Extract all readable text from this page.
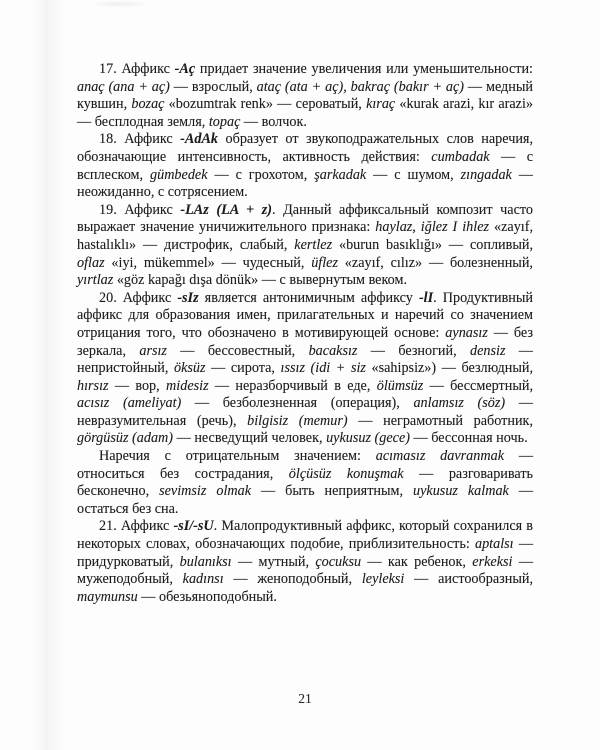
17. Аффикс -Aç придает значение увеличения или уменьшительности: anaç (ana + aç) — взрослый, ataç (ata + aç), bakraç (bakır + aç) — медный кувшин, bozaç «bozumtrak renk» — сероватый, kıraç «kurak arazi, kır arazi» — бесплодная земля, topaç — волчок.

18. Аффикс -AdAk образует от звукоподражательных слов наречия, обозначающие интенсивность, активность действия: cumbadak — с всплеском, gümbedek — с грохотом, şarkadak — с шумом, zıngadak — неожиданно, с сотрясением.

19. Аффикс -LAz (LA + z). Данный аффиксальный композит часто выражает значение уничижительного признака: haylaz, iğlez I ihlez «zayıf, hastalıklı» — дистрофик, слабый, kertlez «burun basıklığı» — сопливый, oflaz «iyi, mükemmel» — чудесный, üflez «zayıf, cılız» — болезненный, yırtlaz «göz kapağı dışa dönük» — с вывернутым веком.

20. Аффикс -sIz является антонимичным аффиксу -lI. Продуктивный аффикс для образования имен, прилагательных и наречий со значением отрицания того, что обозначено в мотивирующей основе: aynasız — без зеркала, arsız — бессовестный, bacaksız — безногий, densiz — непристойный, öksüz — сирота, ıssız (idi + siz «sahipsiz») — безлюдный, hırsız — вор, midesiz — неразборчивый в еде, ölümsüz — бессмертный, acısız (ameliyat) — безболезненная (операция), anlamsız (söz) — невразумительная (речь), bilgisiz (memur) — неграмотный работник, görgüsüz (adam) — несведущий человек, uykusuz (gece) — бессонная ночь.

Наречия с отрицательным значением: acımasız davranmak — относиться без сострадания, ölçüsüz konuşmak — разговаривать бесконечно, sevimsiz olmak — быть неприятным, uykusuz kalmak — остаться без сна.

21. Аффикс -sI/-sU. Малопродуктивный аффикс, который сохранился в некоторых словах, обозначающих подобие, приблизительность: aptalsı — придурковатый, bulanıksı — мутный, çocuksu — как ребенок, erkeksi — мужеподобный, kadınsı — женоподобный, leyleksi — аистообразный, maymunsu — обезьяноподобный.

21
